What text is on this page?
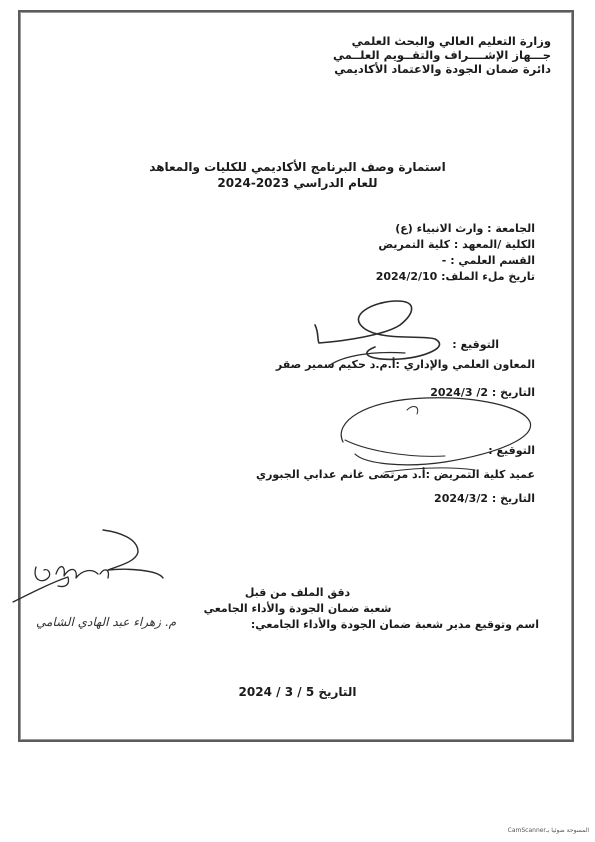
وزارة التعليم العالي والبحث العلمي
جـــهاز الإشــــراف والتقــويم العلــمي
دائرة ضمان الجودة والاعتماد الأكاديمي
استمارة وصف البرنامج الأكاديمي للكليات والمعاهد
للعام الدراسي 2023-2024
الجامعة : وارث الانبياء (ع)
الكلية /المعهد : كلية التمريض
القسم العلمي : -
تاريخ ملء الملف: 2024/2/10
التوقيع :
المعاون العلمي والإداري :أ.م.د حكيم سمير صقر
التاريخ : 2/ 2024/3
التوقيع :
عميد كلية التمريض :أ.د مرتضى غانم عدابي الجبوري
التاريخ : 2024/3/2
دقق الملف من قبل
شعبة ضمان الجودة والأداء الجامعي
اسم وتوقيع مدير شعبة ضمان الجودة والأداء الجامعي:
م. زهراء عبد الهادي الشامي
التاريخ 5 / 3 / 2024
المسوحة ضوئيا بـCamScanner
